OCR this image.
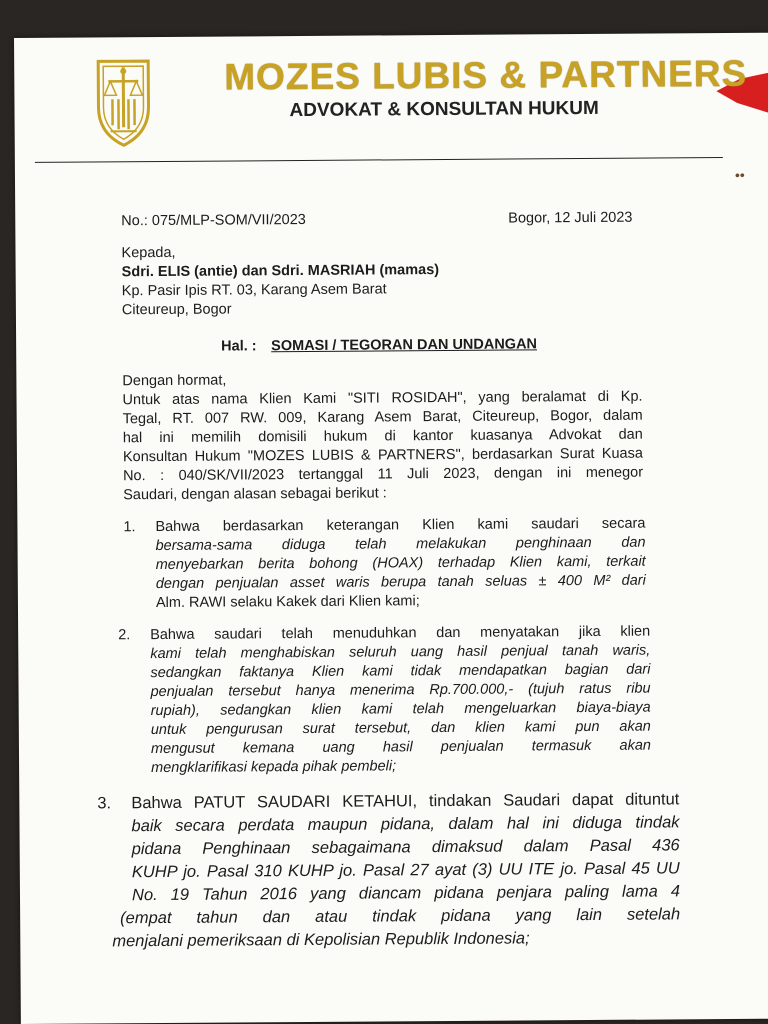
MOZES LUBIS & PARTNERS
ADVOKAT & KONSULTAN HUKUM
••
No.: 075/MLP-SOM/VII/2023	Bogor, 12 Juli 2023
Kepada,
Sdri. ELIS (antie) dan Sdri. MASRIAH (mamas)
Kp. Pasir Ipis RT. 03, Karang Asem Barat
Citeureup, Bogor
Hal. : SOMASI / TEGORAN DAN UNDANGAN
Dengan hormat,
Untuk atas nama Klien Kami "SITI ROSIDAH", yang beralamat di Kp.
Tegal, RT. 007 RW. 009, Karang Asem Barat, Citeureup, Bogor, dalam
hal ini memilih domisili hukum di kantor kuasanya Advokat dan
Konsultan Hukum "MOZES LUBIS & PARTNERS", berdasarkan Surat Kuasa
No. : 040/SK/VII/2023 tertanggal 11 Juli 2023, dengan ini menegor
Saudari, dengan alasan sebagai berikut :
1. Bahwa berdasarkan keterangan Klien kami saudari secara
bersama-sama diduga telah melakukan penghinaan dan
menyebarkan berita bohong (HOAX) terhadap Klien kami, terkait
dengan penjualan asset waris berupa tanah seluas ± 400 M² dari
Alm. RAWI selaku Kakek dari Klien kami;
2. Bahwa saudari telah menuduhkan dan menyatakan jika klien
kami telah menghabiskan seluruh uang hasil penjual tanah waris,
sedangkan faktanya Klien kami tidak mendapatkan bagian dari
penjualan tersebut hanya menerima Rp.700.000,- (tujuh ratus ribu
rupiah), sedangkan klien kami telah mengeluarkan biaya-biaya
untuk pengurusan surat tersebut, dan klien kami pun akan
mengusut kemana uang hasil penjualan termasuk akan
mengklarifikasi kepada pihak pembeli;
3. Bahwa PATUT SAUDARI KETAHUI, tindakan Saudari dapat dituntut
baik secara perdata maupun pidana, dalam hal ini diduga tindak
pidana Penghinaan sebagaimana dimaksud dalam Pasal 436
KUHP jo. Pasal 310 KUHP jo. Pasal 27 ayat (3) UU ITE jo. Pasal 45 UU
No. 19 Tahun 2016 yang diancam pidana penjara paling lama 4
(empat tahun dan atau tindak pidana yang lain setelah
menjalani pemeriksaan di Kepolisian Republik Indonesia;
